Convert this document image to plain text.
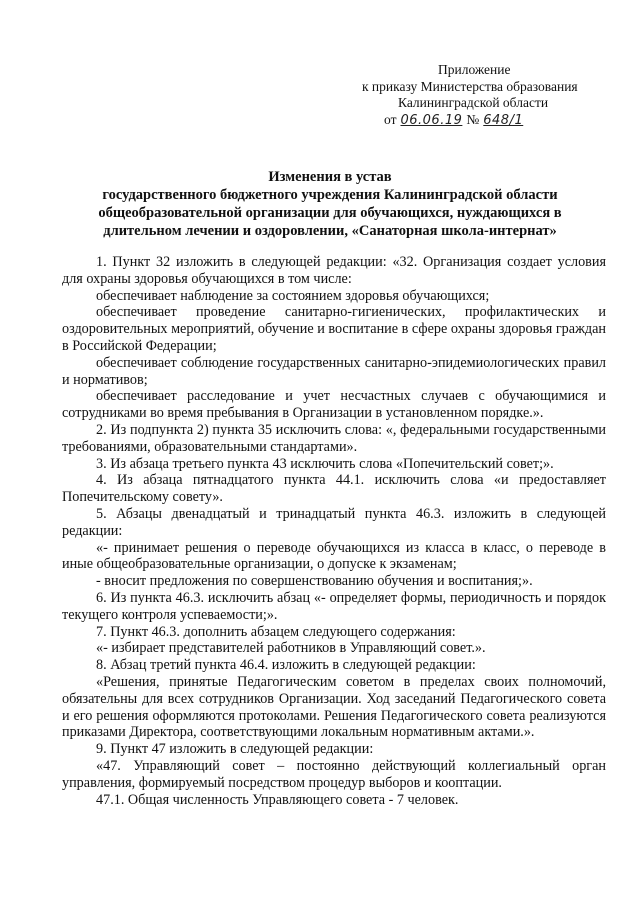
Приложение
к приказу Министерства образования
Калининградской области
от 06.06.19 № 648/1
Изменения в устав
государственного бюджетного учреждения Калининградской области
общеобразовательной организации для обучающихся, нуждающихся в
длительном лечении и оздоровлении, «Санаторная школа-интернат»

1. Пункт 32 изложить в следующей редакции: «32. Организация создает условия для охраны здоровья обучающихся в том числе:

обеспечивает наблюдение за состоянием здоровья обучающихся;

обеспечивает проведение санитарно-гигиенических, профилактических и оздоровительных мероприятий, обучение и воспитание в сфере охраны здоровья граждан в Российской Федерации;

обеспечивает соблюдение государственных санитарно-эпидемиологических правил и нормативов;

обеспечивает расследование и учет несчастных случаев с обучающимися и сотрудниками во время пребывания в Организации в установленном порядке.».

2. Из подпункта 2) пункта 35 исключить слова: «, федеральными государственными требованиями, образовательными стандартами».

3. Из абзаца третьего пункта 43 исключить слова «Попечительский совет;».

4. Из абзаца пятнадцатого пункта 44.1. исключить слова «и предоставляет Попечительскому совету».

5. Абзацы двенадцатый и тринадцатый пункта 46.3. изложить в следующей редакции:

«- принимает решения о переводе обучающихся из класса в класс, о переводе в иные общеобразовательные организации, о допуске к экзаменам;

- вносит предложения по совершенствованию обучения и воспитания;».

6. Из пункта 46.3. исключить абзац «- определяет формы, периодичность и порядок текущего контроля успеваемости;».

7. Пункт 46.3. дополнить абзацем следующего содержания:

«- избирает представителей работников в Управляющий совет.».

8. Абзац третий пункта 46.4. изложить в следующей редакции:

«Решения, принятые Педагогическим советом в пределах своих полномочий, обязательны для всех сотрудников Организации. Ход заседаний Педагогического совета и его решения оформляются протоколами. Решения Педагогического совета реализуются приказами Директора, соответствующими локальным нормативным актами.».

9. Пункт 47 изложить в следующей редакции:

«47. Управляющий совет – постоянно действующий коллегиальный орган управления, формируемый посредством процедур выборов и кооптации.

47.1. Общая численность Управляющего совета - 7 человек.
